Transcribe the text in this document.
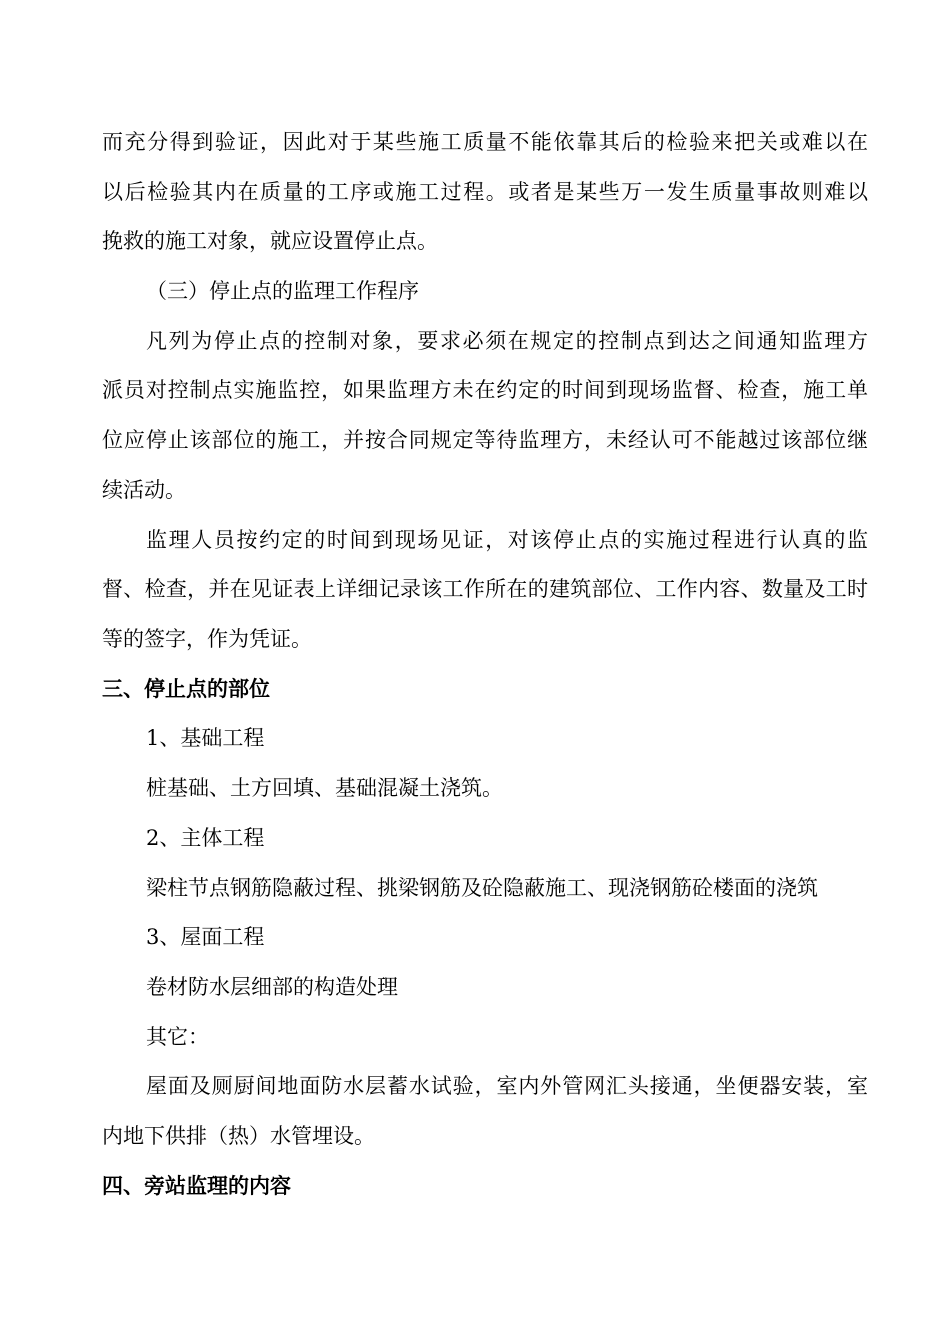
而充分得到验证，因此对于某些施工质量不能依靠其后的检验来把关或难以在
以后检验其内在质量的工序或施工过程。或者是某些万一发生质量事故则难以
挽救的施工对象，就应设置停止点。
（三）停止点的监理工作程序
凡列为停止点的控制对象，要求必须在规定的控制点到达之间通知监理方
派员对控制点实施监控，如果监理方未在约定的时间到现场监督、检查，施工单
位应停止该部位的施工，并按合同规定等待监理方，未经认可不能越过该部位继
续活动。
监理人员按约定的时间到现场见证，对该停止点的实施过程进行认真的监
督、检查，并在见证表上详细记录该工作所在的建筑部位、工作内容、数量及工时
等的签字，作为凭证。
三、停止点的部位
1、基础工程
桩基础、土方回填、基础混凝土浇筑。
2、主体工程
梁柱节点钢筋隐蔽过程、挑梁钢筋及砼隐蔽施工、现浇钢筋砼楼面的浇筑
3、屋面工程
卷材防水层细部的构造处理
其它：
屋面及厕厨间地面防水层蓄水试验，室内外管网汇头接通，坐便器安装，室
内地下供排（热）水管埋设。
四、旁站监理的内容
